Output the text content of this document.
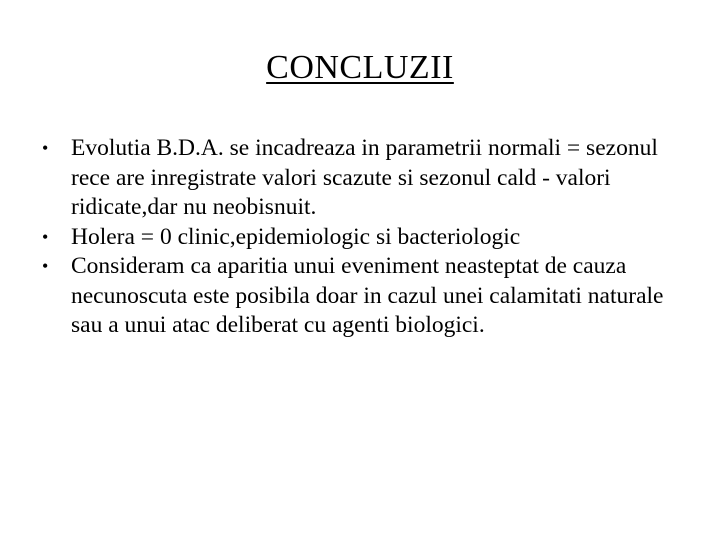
CONCLUZII
• Evolutia B.D.A. se incadreaza in parametrii normali = sezonul rece are inregistrate valori scazute si sezonul cald - valori ridicate,dar nu neobisnuit.
• Holera = 0 clinic,epidemiologic si bacteriologic
• Consideram ca aparitia unui eveniment neasteptat de cauza necunoscuta este posibila doar in cazul unei calamitati naturale sau a unui atac deliberat cu agenti biologici.
